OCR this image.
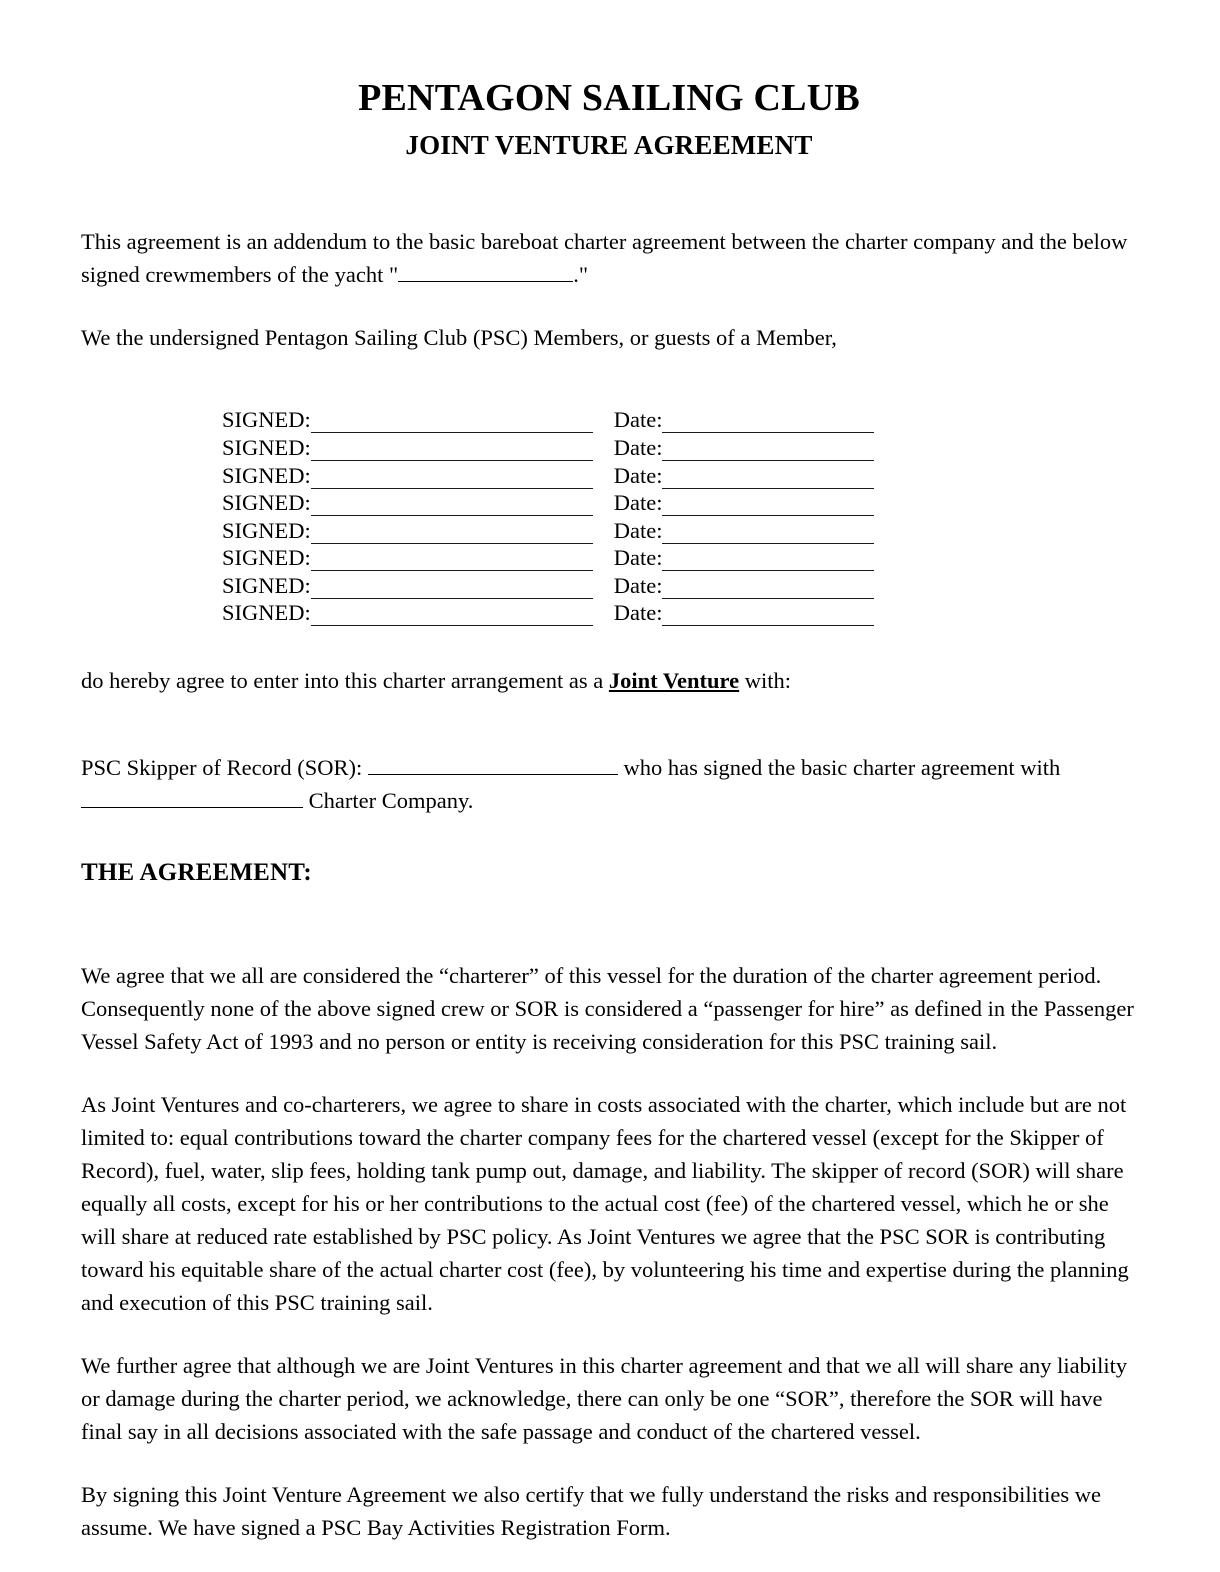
PENTAGON SAILING CLUB
JOINT VENTURE AGREEMENT

This agreement is an addendum to the basic bareboat charter agreement between the charter company and the below signed crewmembers of the yacht "	."

We the undersigned Pentagon Sailing Club (PSC) Members, or guests of a Member,

SIGNED:	Date:
SIGNED:	Date:
SIGNED:	Date:
SIGNED:	Date:
SIGNED:	Date:
SIGNED:	Date:
SIGNED:	Date:
SIGNED:	Date:

do hereby agree to enter into this charter arrangement as a Joint Venture with:

PSC Skipper of Record (SOR):	who has signed the basic charter agreement with  Charter Company.

THE AGREEMENT:

We agree that we all are considered the “charterer” of this vessel for the duration of the charter agreement period. Consequently none of the above signed crew or SOR is considered a “passenger for hire” as defined in the Passenger Vessel Safety Act of 1993 and no person or entity is receiving consideration for this PSC training sail.

As Joint Ventures and co-charterers, we agree to share in costs associated with the charter, which include but are not limited to: equal contributions toward the charter company fees for the chartered vessel (except for the Skipper of Record), fuel, water, slip fees, holding tank pump out, damage, and liability. The skipper of record (SOR) will share equally all costs, except for his or her contributions to the actual cost (fee) of the chartered vessel, which he or she will share at reduced rate established by PSC policy. As Joint Ventures we agree that the PSC SOR is contributing toward his equitable share of the actual charter cost (fee), by volunteering his time and expertise during the planning and execution of this PSC training sail.

We further agree that although we are Joint Ventures in this charter agreement and that we all will share any liability or damage during the charter period, we acknowledge, there can only be one “SOR”, therefore the SOR will have final say in all decisions associated with the safe passage and conduct of the chartered vessel.

By signing this Joint Venture Agreement we also certify that we fully understand the risks and responsibilities we assume. We have signed a PSC Bay Activities Registration Form.
